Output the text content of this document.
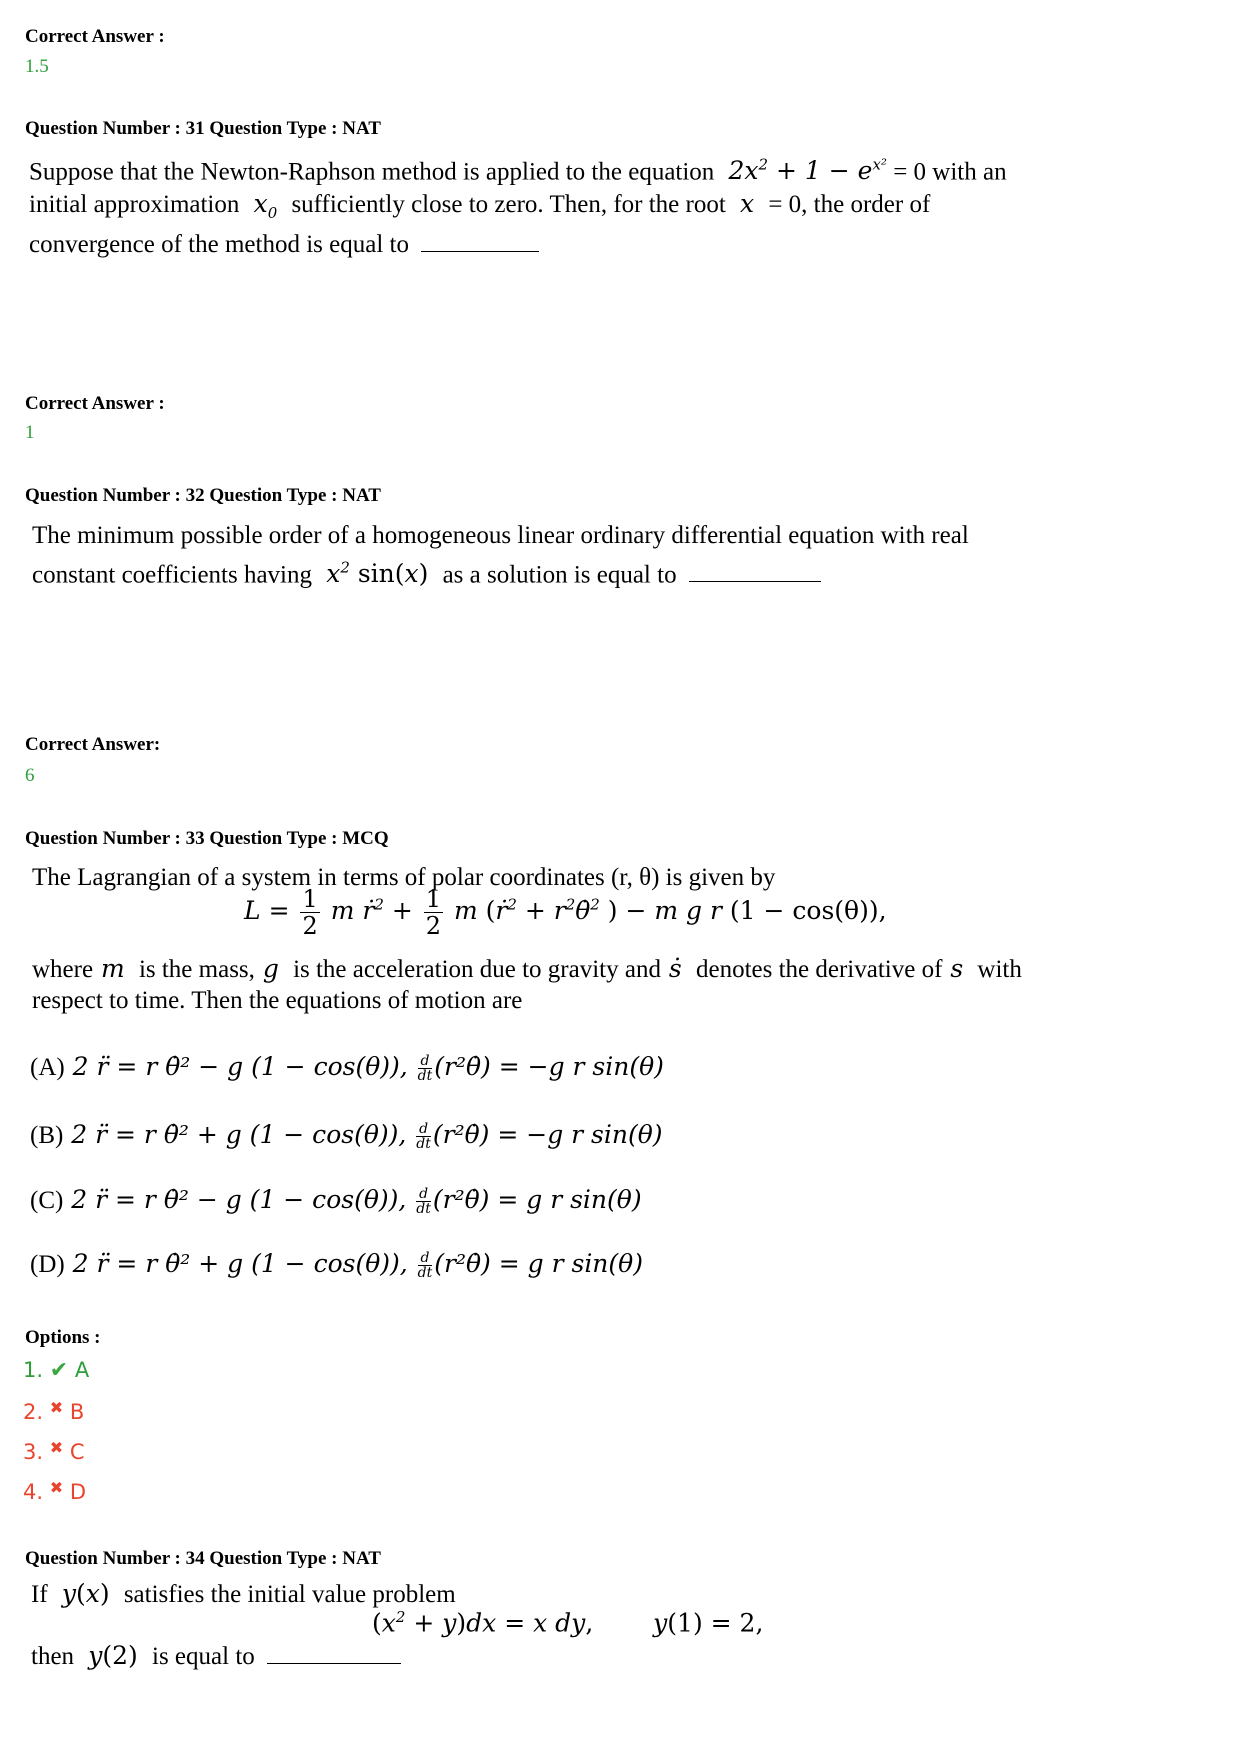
Correct Answer :
1.5
Question Number : 31 Question Type : NAT
Suppose that the Newton-Raphson method is applied to the equation  $2x^2 + 1 - e^{x^2} = 0$ with an
initial approximation  $x_0$ sufficiently close to zero. Then, for the root  x  = 0, the order of
convergence of the method is equal to
Correct Answer :
1
Question Number : 32 Question Type : NAT
The minimum possible order of a homogeneous linear ordinary differential equation with real
constant coefficients having  $x^2$ sin(x) as a solution is equal to
Correct Answer:
6
Question Number : 33 Question Type : MCQ
The Lagrangian of a system in terms of polar coordinates (r, θ) is given by
$L = \frac{1}{2}$ m ṙ$^2$ + $\frac{1}{2}$ m (ṙ$^2$ + $r^2\thetȧ^2$ ) − m g r (1 − cos(θ)),
where m  is the mass, g  is the acceleration due to gravity and ṡ  denotes the derivative of s  with
respect to time. Then the equations of motion are
(A) 2 r̈ = r θ̇² − g (1 − cos(θ)), $\frac{d}{dt}$ (r²θ̇) = −g r sin(θ)
(B) 2 r̈ = r θ̇² + g (1 − cos(θ)), $\frac{d}{dt}$ (r²θ̇) = −g r sin(θ)
(C) 2 r̈ = r θ̇² − g (1 − cos(θ)), $\frac{d}{dt}$ (r²θ̇) = g r sin(θ)
(D) 2 r̈ = r θ̇² + g (1 − cos(θ)), $\frac{d}{dt}$ (r²θ̇) = g r sin(θ)
Options :
1. ✔ A
2. ✖ B
3. ✖ C
4. ✖ D
Question Number : 34 Question Type : NAT
If  y(x) satisfies the initial value problem
$(x^2 + y)dx = x$ dy,  y(1) = 2,
then  y(2) is equal to
